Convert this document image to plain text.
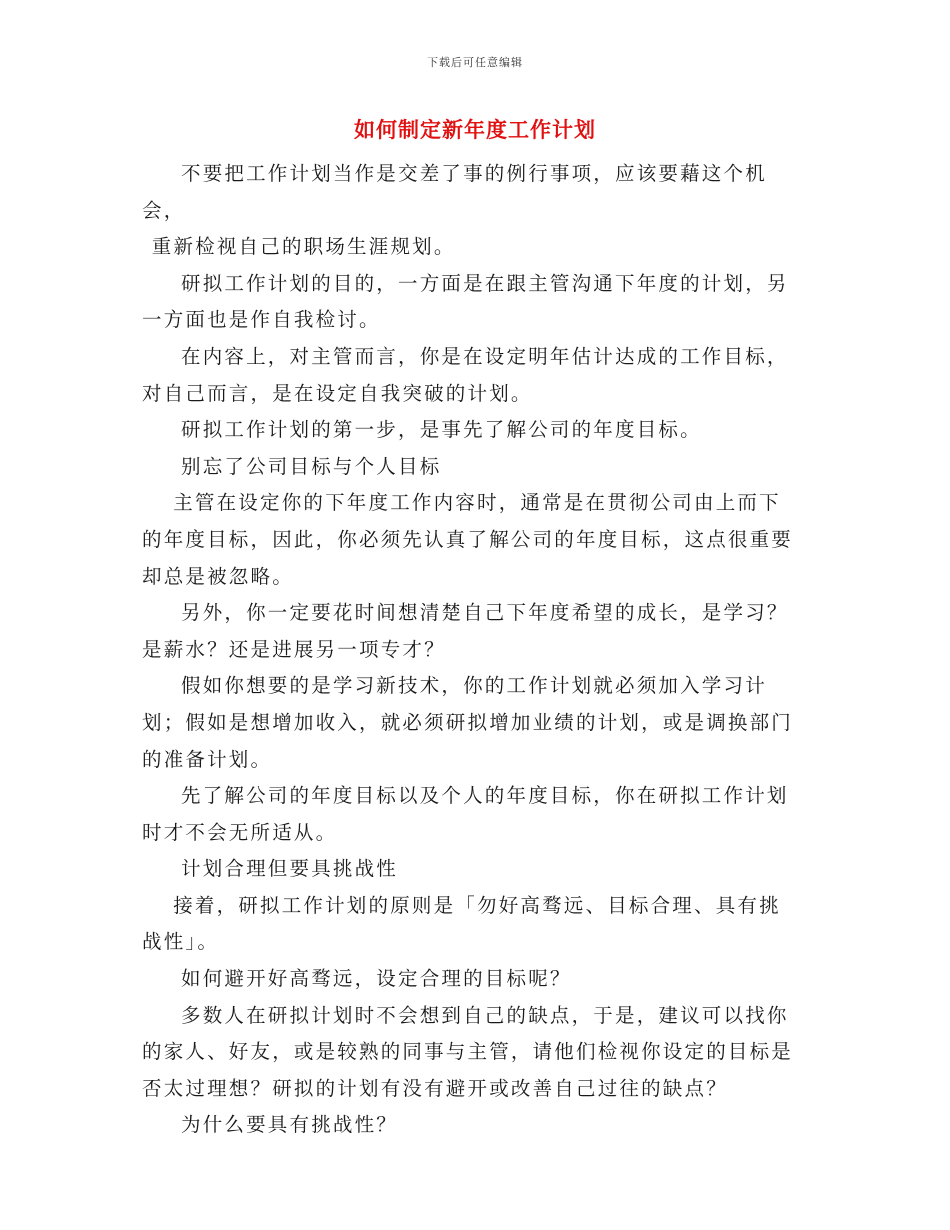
下载后可任意编辑
如何制定新年度工作计划

不要把工作计划当作是交差了事的例行事项，应该要藉这个机会，

重新检视自己的职场生涯规划。

研拟工作计划的目的，一方面是在跟主管沟通下年度的计划，另一方面也是作自我检讨。

在内容上，对主管而言，你是在设定明年估计达成的工作目标，对自己而言，是在设定自我突破的计划。

研拟工作计划的第一步，是事先了解公司的年度目标。

别忘了公司目标与个人目标

主管在设定你的下年度工作内容时，通常是在贯彻公司由上而下的年度目标，因此，你必须先认真了解公司的年度目标，这点很重要却总是被忽略。

另外，你一定要花时间想清楚自己下年度希望的成长，是学习？是薪水？还是进展另一项专才？

假如你想要的是学习新技术，你的工作计划就必须加入学习计划；假如是想增加收入，就必须研拟增加业绩的计划，或是调换部门的准备计划。

先了解公司的年度目标以及个人的年度目标，你在研拟工作计划时才不会无所适从。

计划合理但要具挑战性

接着，研拟工作计划的原则是「勿好高骛远、目标合理、具有挑战性」。

如何避开好高骛远，设定合理的目标呢？

多数人在研拟计划时不会想到自己的缺点，于是，建议可以找你的家人、好友，或是较熟的同事与主管，请他们检视你设定的目标是否太过理想？研拟的计划有没有避开或改善自己过往的缺点？

为什么要具有挑战性？
